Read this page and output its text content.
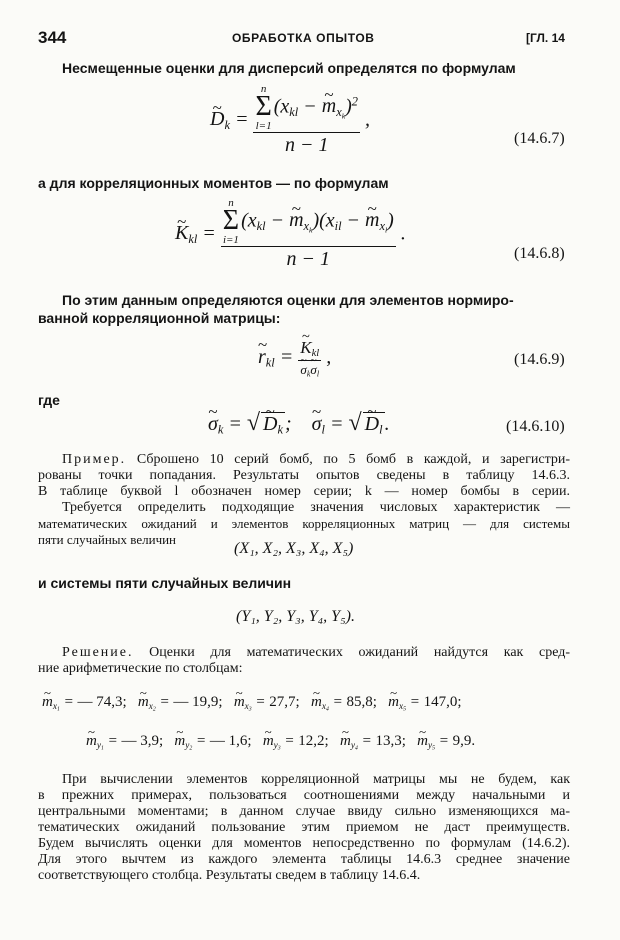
344	ОБРАБОТКА ОПЫТОВ	[ГЛ. 14
Несмещенные оценки для дисперсий определятся по формулам
~ $D_k = n$
Σ
l=1
($x_{kl}$ − ~ $m_{x_k})^2$
n − 1 ,
(14.6.7)
а для корреляционных моментов — по формулам
~ $K_{kl} = n$
Σ
i=1
($x_{kl}$ − ~ $m_{x_k})(x_{il}$ − ~ $m_{x_l}$)
n − 1 .
(14.6.8)
По этим данным определяются оценки для элементов нормиро-
ванной корреляционной матрицы:
~ $r_{kl}$ = ~ $K_{kl}$
~ $\sigma_k\sim$ $\sigma_l$ ,	(14.6.9)
где
~ $\sigma_k$ = √ ~ $D_k$ ;    ~ $\sigma_l$ = √ ~ $D_l$ .	(14.6.10)
Пример. Сброшено 10 серий бомб, по 5 бомб в каждой, и зарегистри-
рованы точки попадания. Результаты опытов сведены в таблицу 14.6.3.
В таблице буквой l обозначен номер серии; k — номер бомбы в серии.
Требуется определить подходящие значения числовых характеристик —
математических ожиданий и элементов корреляционных матриц — для системы
пяти случайных величин
(X₁, X₂, X₃, X₄, X₅)
и системы пяти случайных величин
(Y₁, Y₂, Y₃, Y₄, Y₅).
Решение. Оценки для математических ожиданий найдутся как сред-
ние арифметические по столбцам:
~ $m_{x_1}$ = — 74,3; ~ $m_{x_2}$ = — 19,9; ~ $m_{x_3} = 27,7$; ~ $m_{x_4} = 85,8$; ~ $m_{x_5} = 147,0$;
~ $m_{y_1}$ = — 3,9; ~ $m_{y_2}$ = — 1,6; ~ $m_{y_3} = 12,2$; ~ $m_{y_4} = 13,3$; ~ $m_{y_5} = 9,9$.
При вычислении элементов корреляционной матрицы мы не будем, как
в прежних примерах, пользоваться соотношениями между начальными и
центральными моментами; в данном случае ввиду сильно изменяющихся ма-
тематических ожиданий пользование этим приемом не даст преимуществ.
Будем вычислять оценки для моментов непосредственно по формулам (14.6.2).
Для этого вычтем из каждого элемента таблицы 14.6.3 среднее значение
соответствующего столбца. Результаты сведем в таблицу 14.6.4.
